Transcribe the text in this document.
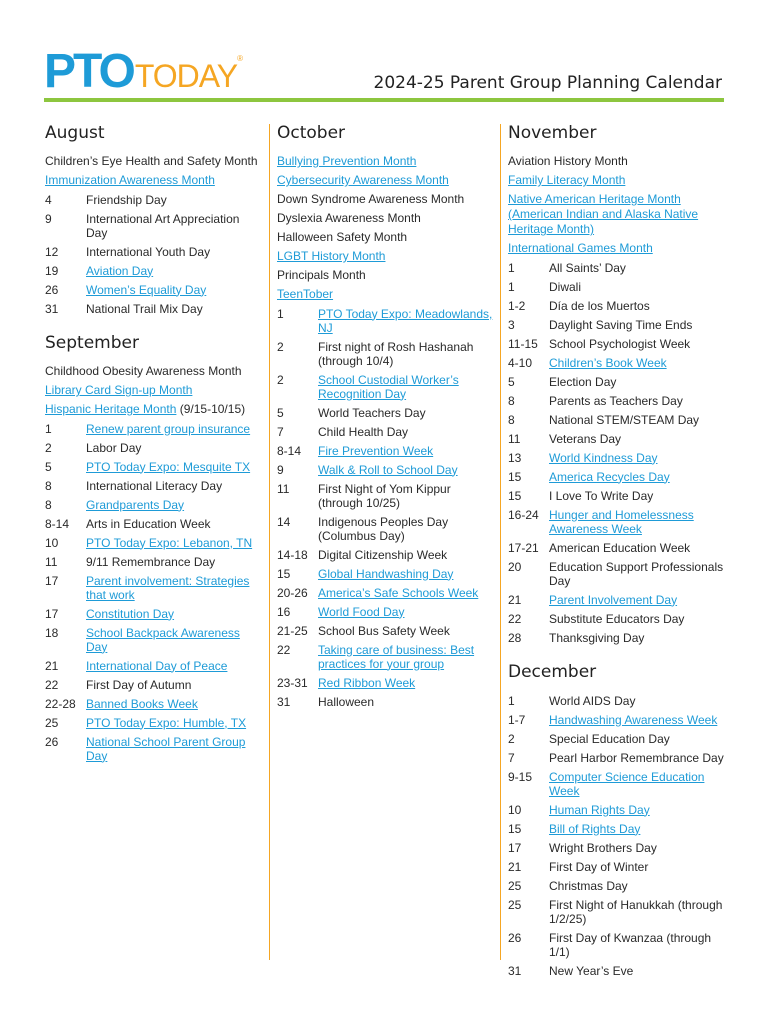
PTO TODAY ®
2024-25 Parent Group Planning Calendar
August
Children’s Eye Health and Safety Month
Immunization Awareness Month
4	Friendship Day
9	International Art Appreciation Day
12	International Youth Day
19	Aviation Day
26	Women’s Equality Day
31	National Trail Mix Day
September
Childhood Obesity Awareness Month
Library Card Sign-up Month
Hispanic Heritage Month (9/15-10/15)
1	Renew parent group insurance
2	Labor Day
5	PTO Today Expo: Mesquite TX
8	International Literacy Day
8	Grandparents Day
8-14	Arts in Education Week
10	PTO Today Expo: Lebanon, TN
11	9/11 Remembrance Day
17	Parent involvement: Strategies that work
17	Constitution Day
18	School Backpack Awareness Day
21	International Day of Peace
22	First Day of Autumn
22-28 Banned Books Week
25	PTO Today Expo: Humble, TX
26	National School Parent Group Day
October
Bullying Prevention Month
Cybersecurity Awareness Month
Down Syndrome Awareness Month
Dyslexia Awareness Month
Halloween Safety Month
LGBT History Month
Principals Month
TeenTober
1	PTO Today Expo: Meadowlands, NJ
2	First night of Rosh Hashanah (through 10/4)
2	School Custodial Worker’s Recognition Day
5	World Teachers Day
7	Child Health Day
8-14	Fire Prevention Week
9	Walk & Roll to School Day
11	First Night of Yom Kippur (through 10/25)
14	Indigenous Peoples Day (Columbus Day)
14-18 Digital Citizenship Week
15	Global Handwashing Day
20-26 America’s Safe Schools Week
16	World Food Day
21-25 School Bus Safety Week
22	Taking care of business: Best practices for your group
23-31 Red Ribbon Week
31	Halloween
November
Aviation History Month
Family Literacy Month
Native American Heritage Month (American Indian and Alaska Native Heritage Month)
International Games Month
1	All Saints’ Day
1	Diwali
1-2	Día de los Muertos
3	Daylight Saving Time Ends
11-15 School Psychologist Week
4-10	Children’s Book Week
5	Election Day
8	Parents as Teachers Day
8	National STEM/STEAM Day
11	Veterans Day
13	World Kindness Day
15	America Recycles Day
15	I Love To Write Day
16-24 Hunger and Homelessness Awareness Week
17-21 American Education Week
20	Education Support Professionals Day
21	Parent Involvement Day
22	Substitute Educators Day
28	Thanksgiving Day
December
1	World AIDS Day
1-7	Handwashing Awareness Week
2	Special Education Day
7	Pearl Harbor Remembrance Day
9-15	Computer Science Education Week
10	Human Rights Day
15	Bill of Rights Day
17	Wright Brothers Day
21	First Day of Winter
25	Christmas Day
25	First Night of Hanukkah (through 1/2/25)
26	First Day of Kwanzaa (through 1/1)
31	New Year’s Eve
